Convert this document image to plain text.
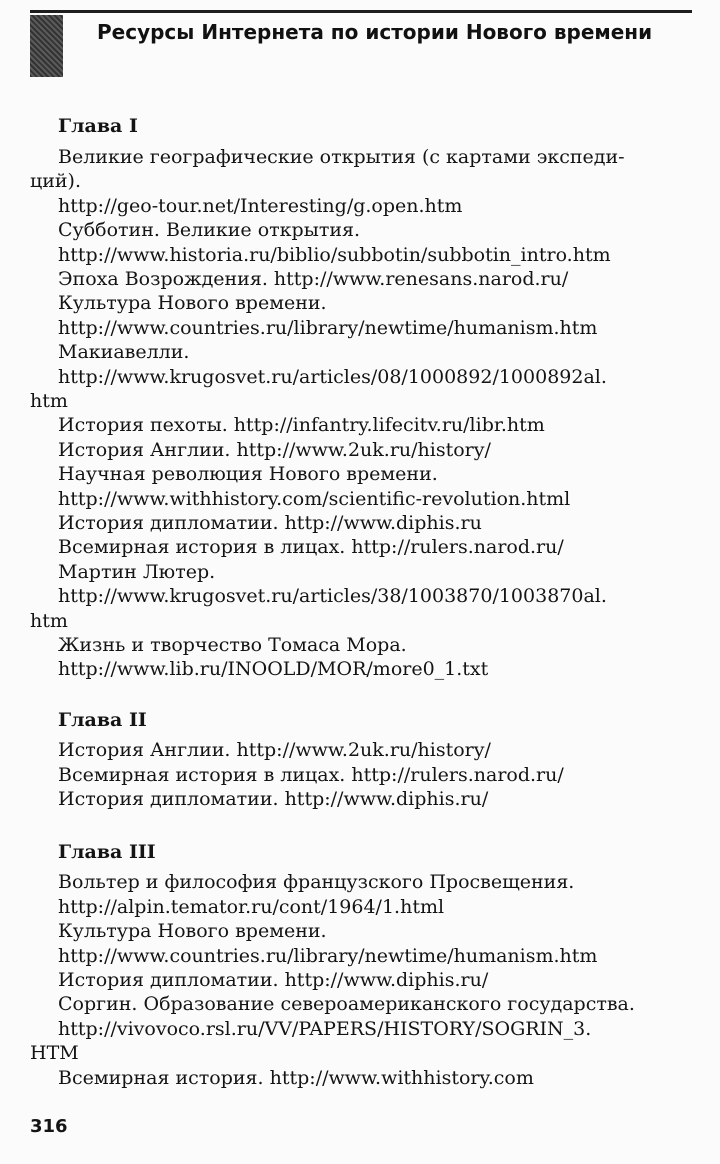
Ресурсы Интернета по истории Нового времени
Глава I
Великие географические открытия (с картами экспеди-
ций).
http://geo-tour.net/Interesting/g.open.htm
Субботин. Великие открытия.
http://www.historia.ru/biblio/subbotin/subbotin_intro.htm
Эпоха Возрождения. http://www.renesans.narod.ru/
Культура Нового времени.
http://www.countries.ru/library/newtime/humanism.htm
Макиавелли.
http://www.krugosvet.ru/articles/08/1000892/1000892al.
htm
История пехоты. http://infantry.lifecitv.ru/libr.htm
История Англии. http://www.2uk.ru/history/
Научная революция Нового времени.
http://www.withhistory.com/scientific-revolution.html
История дипломатии. http://www.diphis.ru
Всемирная история в лицах. http://rulers.narod.ru/
Мартин Лютер.
http://www.krugosvet.ru/articles/38/1003870/1003870al.
htm
Жизнь и творчество Томаса Мора.
http://www.lib.ru/INOOLD/MOR/more0_1.txt
Глава II
История Англии. http://www.2uk.ru/history/
Всемирная история в лицах. http://rulers.narod.ru/
История дипломатии. http://www.diphis.ru/
Глава III
Вольтер и философия французского Просвещения.
http://alpin.temator.ru/cont/1964/1.html
Культура Нового времени.
http://www.countries.ru/library/newtime/humanism.htm
История дипломатии. http://www.diphis.ru/
Соргин. Образование североамериканского государства.
http://vivovoco.rsl.ru/VV/PAPERS/HISTORY/SOGRIN_3.
HTM
Всемирная история. http://www.withhistory.com
316
